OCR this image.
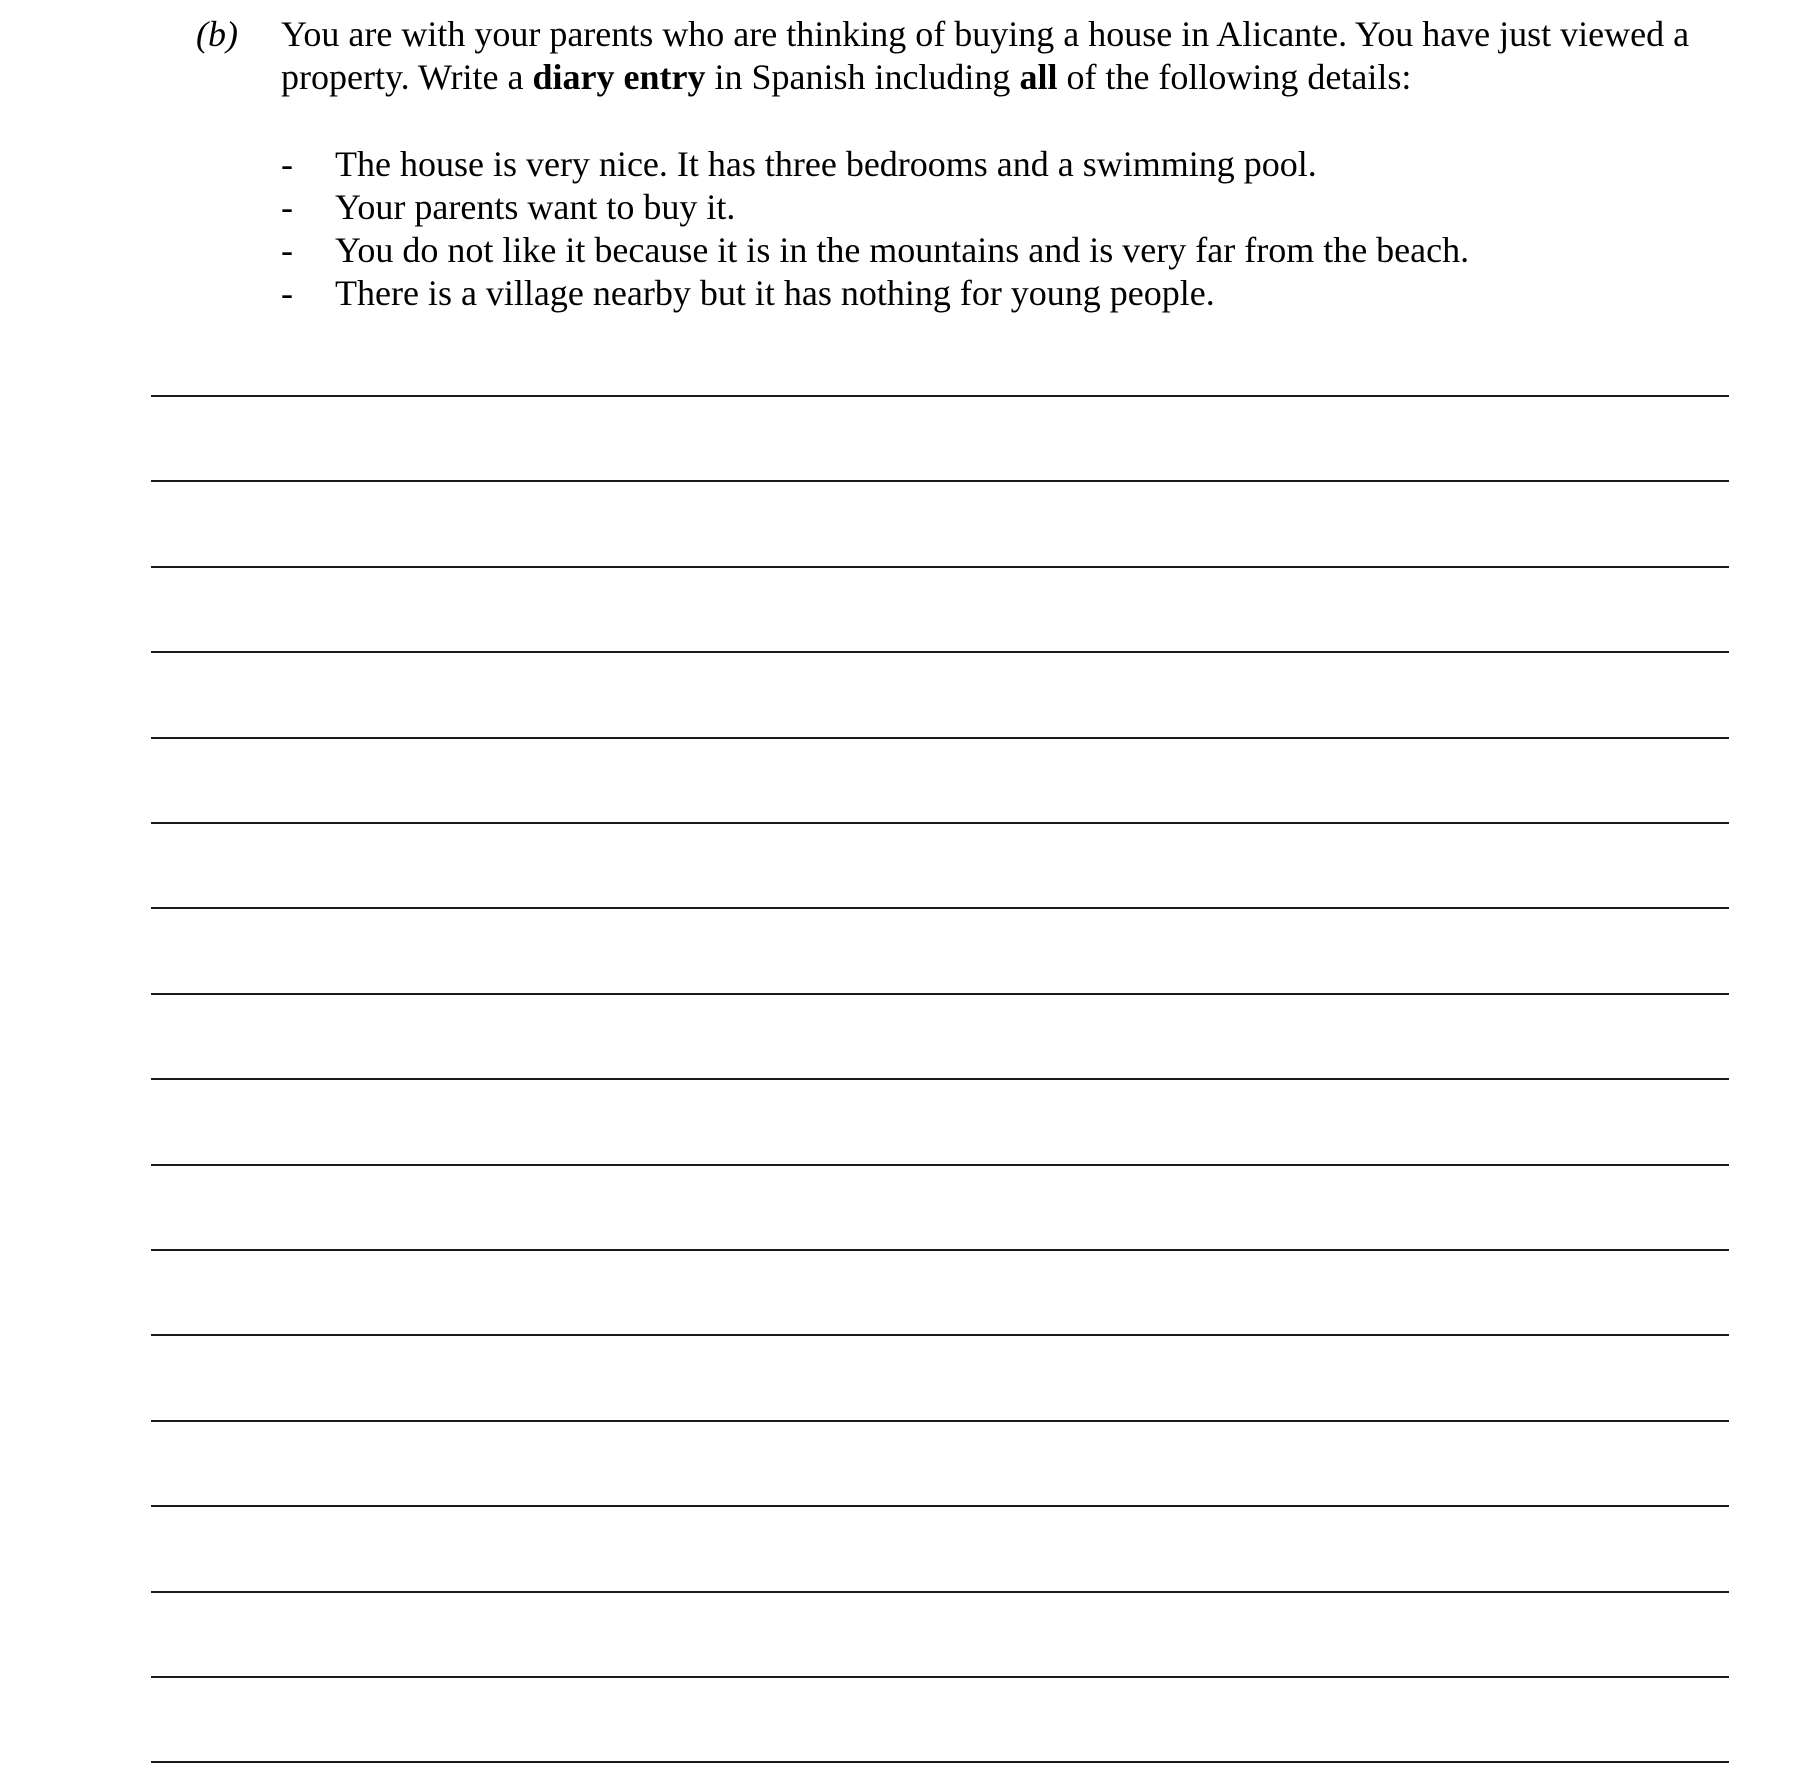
(b) You are with your parents who are thinking of buying a house in Alicante. You have just viewed a property. Write a diary entry in Spanish including all of the following details:
- The house is very nice. It has three bedrooms and a swimming pool.
- Your parents want to buy it.
- You do not like it because it is in the mountains and is very far from the beach.
- There is a village nearby but it has nothing for young people.
